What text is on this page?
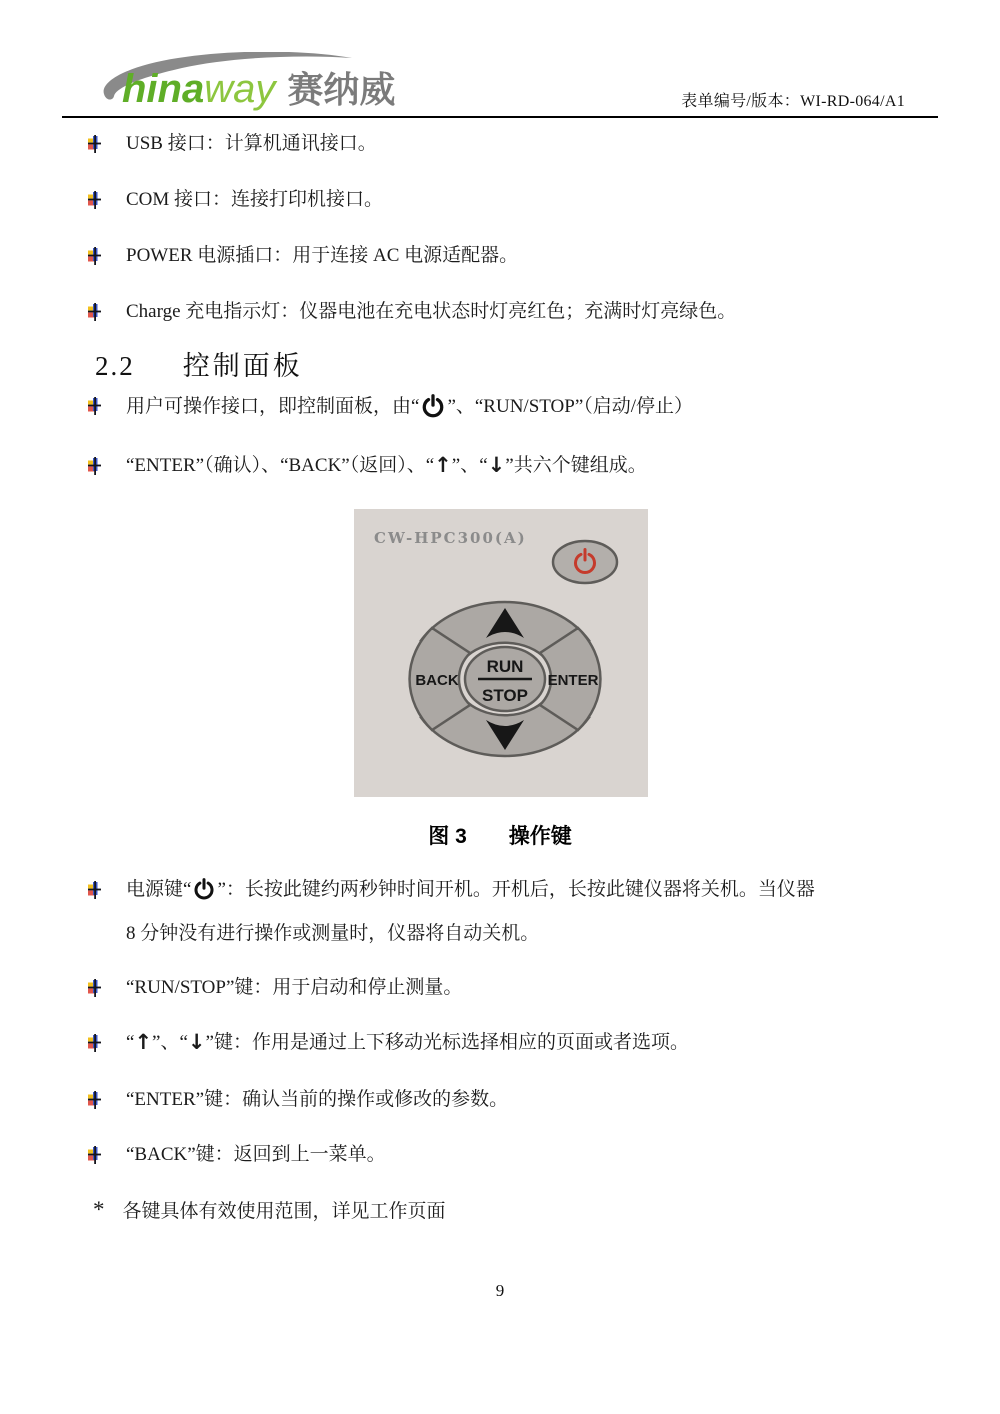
hinaway 赛纳威	表单编号/版本：WI-RD-064/A1
USB 接口：计算机通讯接口。
COM 接口：连接打印机接口。
POWER 电源插口：用于连接 AC 电源适配器。
Charge 充电指示灯：仪器电池在充电状态时灯亮红色；充满时灯亮绿色。
2.2 控制面板
用户可操作接口，即控制面板，由“ ”、“RUN/STOP”（启动/停止）
“ENTER”（确认）、“BACK”（返回）、“↑”、“↓”共六个键组成。
CW-HPC300(A)
RUN
STOP
BACK	ENTER
图 3 操作键
电源键“ ”：长按此键约两秒钟时间开机。开机后，长按此键仪器将关机。当仪器
8 分钟没有进行操作或测量时，仪器将自动关机。
“RUN/STOP”键：用于启动和停止测量。
“↑”、“↓”键：作用是通过上下移动光标选择相应的页面或者选项。
“ENTER”键：确认当前的操作或修改的参数。
“BACK”键：返回到上一菜单。
* 各键具体有效使用范围，详见工作页面
9
